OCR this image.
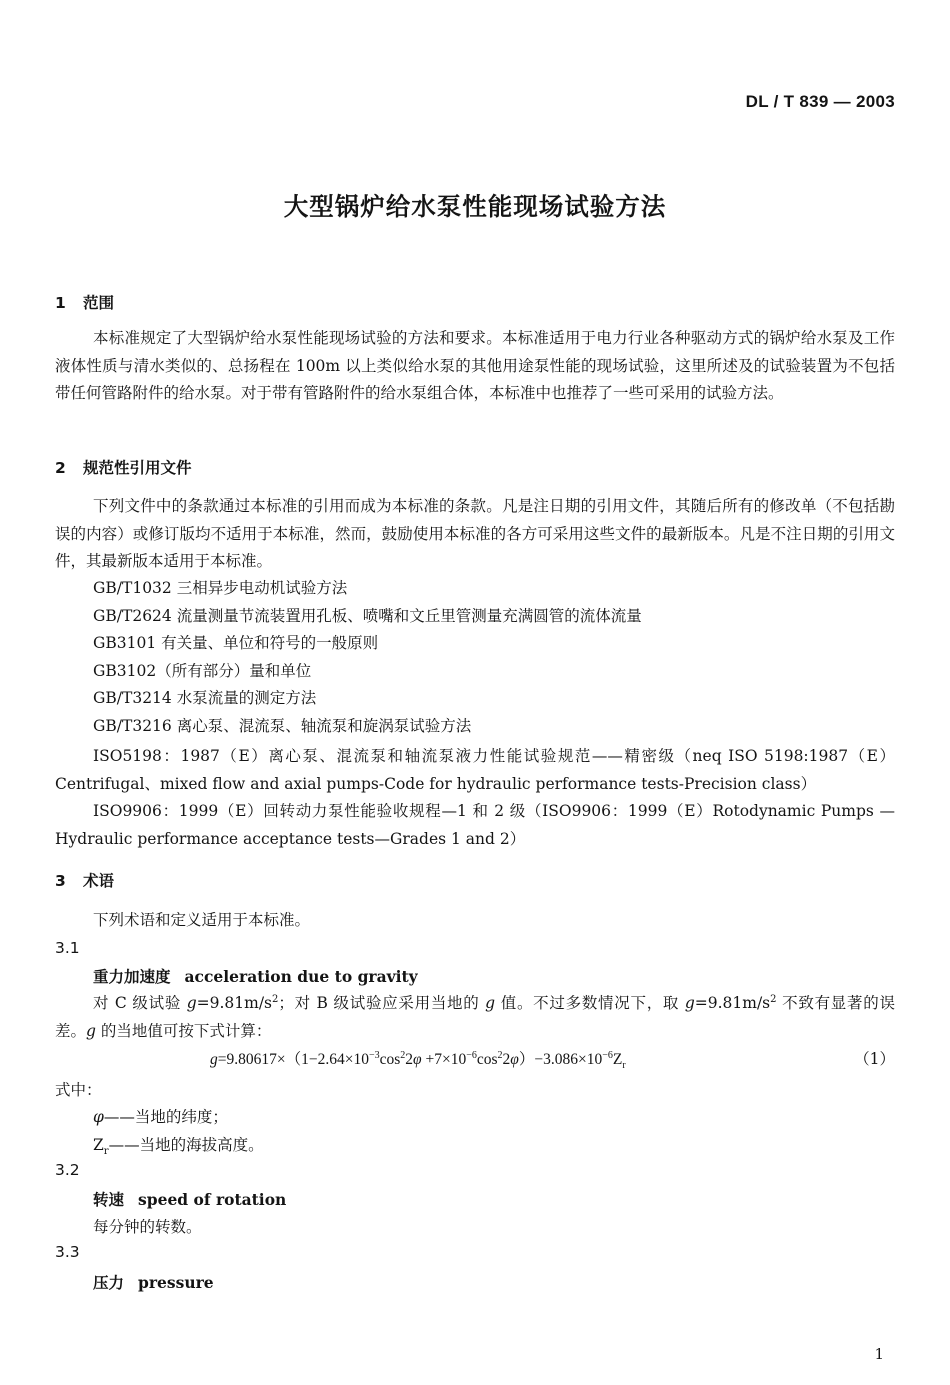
DL / T 839 — 2003
大型锅炉给水泵性能现场试验方法
1 范围
本标准规定了大型锅炉给水泵性能现场试验的方法和要求。本标准适用于电力行业各种驱动方式的锅炉给水泵及工作液体性质与清水类似的、总扬程在 100m 以上类似给水泵的其他用途泵性能的现场试验，这里所述及的试验装置为不包括带任何管路附件的给水泵。对于带有管路附件的给水泵组合体，本标准中也推荐了一些可采用的试验方法。
2 规范性引用文件
下列文件中的条款通过本标准的引用而成为本标准的条款。凡是注日期的引用文件，其随后所有的修改单（不包括勘误的内容）或修订版均不适用于本标准，然而，鼓励使用本标准的各方可采用这些文件的最新版本。凡是不注日期的引用文件，其最新版本适用于本标准。
GB/T1032 三相异步电动机试验方法
GB/T2624 流量测量节流装置用孔板、喷嘴和文丘里管测量充满圆管的流体流量
GB3101 有关量、单位和符号的一般原则
GB3102（所有部分）量和单位
GB/T3214 水泵流量的测定方法
GB/T3216 离心泵、混流泵、轴流泵和旋涡泵试验方法
ISO5198：1987（E）离心泵、混流泵和轴流泵液力性能试验规范——精密级（neq ISO 5198:1987（E）Centrifugal、mixed flow and axial pumps-Code for hydraulic performance tests-Precision class）
ISO9906：1999（E）回转动力泵性能验收规程—1 和 2 级（ISO9906：1999（E）Rotodynamic Pumps —Hydraulic performance acceptance tests—Grades 1 and 2）
3 术语
下列术语和定义适用于本标准。
3.1
重力加速度 acceleration due to gravity
对 C 级试验 $g=9.81m/s^2$；对 B 级试验应采用当地的 g 值。不过多数情况下，取 $g=9.81m/s^2$ 不致有显著的误差。g 的当地值可按下式计算：
$g=9.80617\times(1-2.64\times 10^{-3}\cos^22\varphi +7\times 10^{-6}\cos^22\varphi)-3.086\times 10^{-6}Z_r$	（1）
式中：
φ——当地的纬度；
$Z_r——$当地的海拔高度。
3.2
转速 speed of rotation
每分钟的转数。
3.3
压力 pressure
1
